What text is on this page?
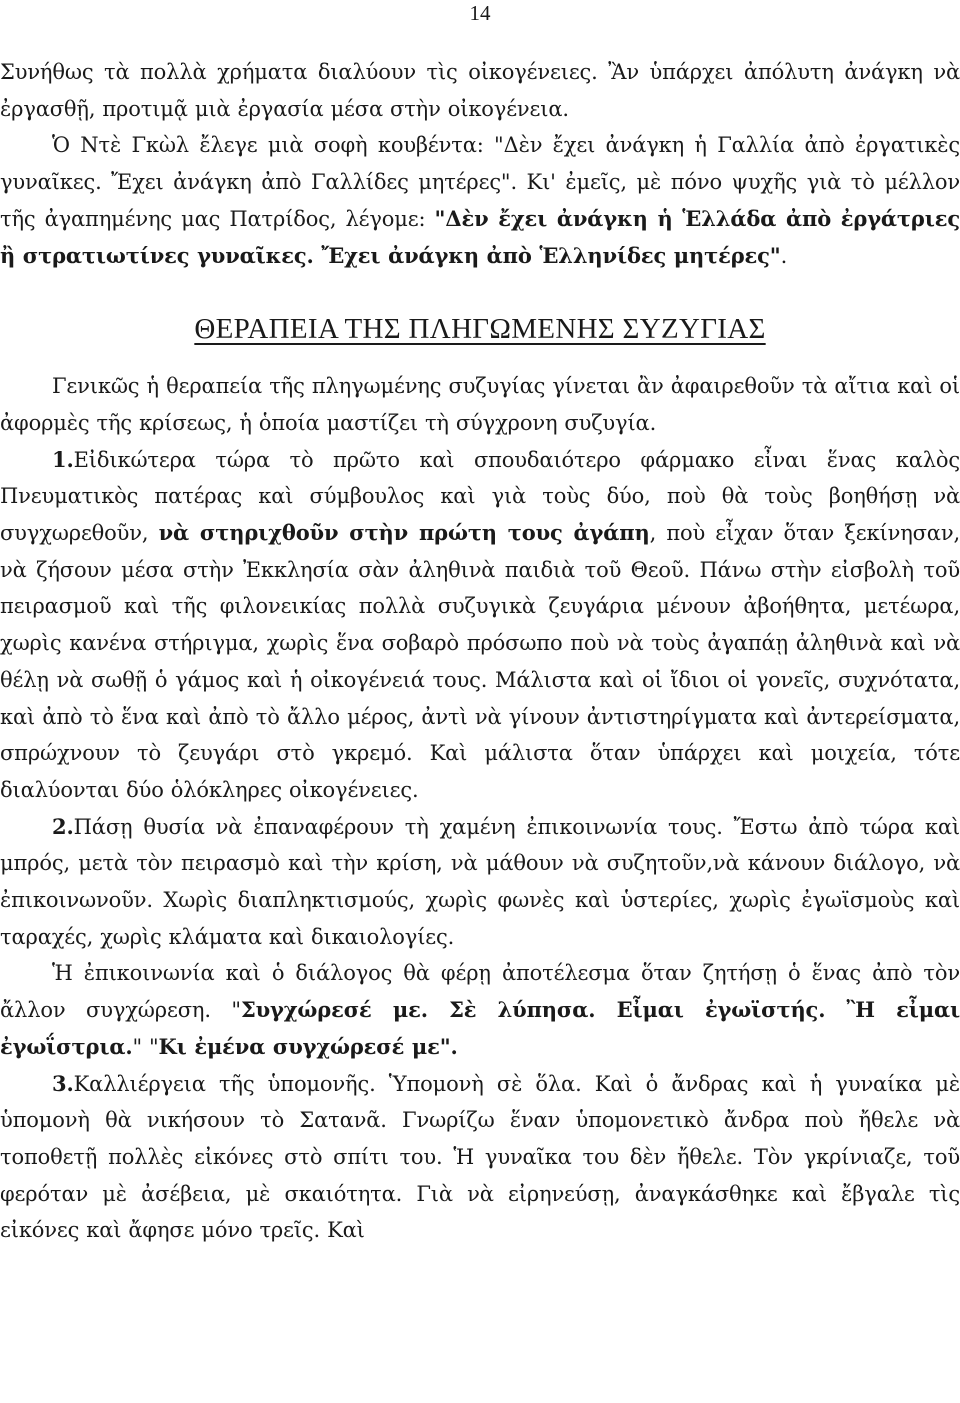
14

Συνήθως τὰ πολλὰ χρήματα διαλύουν τὶς οἰκογένειες. Ἂν ὑπάρχει ἀπόλυτη ἀνάγκη νὰ ἐργασθῇ, προτιμᾷ μιὰ ἐργασία μέσα στὴν οἰκογένεια.

Ὁ Ντὲ Γκὼλ ἔλεγε μιὰ σοφὴ κουβέντα: "Δὲν ἔχει ἀνάγκη ἡ Γαλλία ἀπὸ ἐργατικὲς γυναῖκες. Ἔχει ἀνάγκη ἀπὸ Γαλλίδες μητέρες". Κι' ἐμεῖς, μὲ πόνο ψυχῆς γιὰ τὸ μέλλον τῆς ἀγαπημένης μας Πατρίδος, λέγομε: "Δὲν ἔχει ἀνάγκη ἡ Ἑλλάδα ἀπὸ ἐργάτριες ἢ στρατιωτίνες γυναῖκες. Ἔχει ἀνάγκη ἀπὸ Ἑλληνίδες μητέρες".

ΘΕΡΑΠΕΙΑ ΤΗΣ ΠΛΗΓΩΜΕΝΗΣ ΣΥΖΥΓΙΑΣ

Γενικῶς ἡ θεραπεία τῆς πληγωμένης συζυγίας γίνεται ἂν ἀφαιρεθοῦν τὰ αἴτια καὶ οἱ ἀφορμὲς τῆς κρίσεως, ἡ ὁποία μαστίζει τὴ σύγχρονη συζυγία.

1.Εἰδικώτερα τώρα τὸ πρῶτο καὶ σπουδαιότερο φάρμακο εἶναι ἕνας καλὸς Πνευματικὸς πατέρας καὶ σύμβουλος καὶ γιὰ τοὺς δύο, ποὺ θὰ τοὺς βοηθήσῃ νὰ συγχωρεθοῦν, νὰ στηριχθοῦν στὴν πρώτη τους ἀγάπη, ποὺ εἶχαν ὅταν ξεκίνησαν, νὰ ζήσουν μέσα στὴν Ἐκκλησία σὰν ἀληθινὰ παιδιὰ τοῦ Θεοῦ. Πάνω στὴν εἰσβολὴ τοῦ πειρασμοῦ καὶ τῆς φιλονεικίας πολλὰ συζυγικὰ ζευγάρια μένουν ἀβοήθητα, μετέωρα, χωρὶς κανένα στήριγμα, χωρὶς ἕνα σοβαρὸ πρόσωπο ποὺ νὰ τοὺς ἀγαπάῃ ἀληθινὰ καὶ νὰ θέλῃ νὰ σωθῇ ὁ γάμος καὶ ἡ οἰκογένειά τους. Μάλιστα καὶ οἱ ἴδιοι οἱ γονεῖς, συχνότατα, καὶ ἀπὸ τὸ ἕνα καὶ ἀπὸ τὸ ἄλλο μέρος, ἀντὶ νὰ γίνουν ἀντιστηρίγματα καὶ ἀντερείσματα, σπρώχνουν τὸ ζευγάρι στὸ γκρεμό. Καὶ μάλιστα ὅταν ὑπάρχει καὶ μοιχεία, τότε διαλύονται δύο ὁλόκληρες οἰκογένειες.

2.Πάσῃ θυσία νὰ ἐπαναφέρουν τὴ χαμένη ἐπικοινωνία τους. Ἔστω ἀπὸ τώρα καὶ μπρός, μετὰ τὸν πειρασμὸ καὶ τὴν κρίση, νὰ μάθουν νὰ συζητοῦν,νὰ κάνουν διάλογο, νὰ ἐπικοινωνοῦν. Χωρὶς διαπληκτισμούς, χωρὶς φωνὲς καὶ ὑστερίες, χωρὶς ἐγωϊσμοὺς καὶ ταραχές, χωρὶς κλάματα καὶ δικαιολογίες.

Ἡ ἐπικοινωνία καὶ ὁ διάλογος θὰ φέρῃ ἀποτέλεσμα ὅταν ζητήσῃ ὁ ἕνας ἀπὸ τὸν ἄλλον συγχώρεση. "Συγχώρεσέ με. Σὲ λύπησα. Εἶμαι ἐγωϊστής. Ἢ εἶμαι ἐγωΐστρια." "Κι ἐμένα συγχώρεσέ με".

3.Καλλιέργεια τῆς ὑπομονῆς. Ὑπομονὴ σὲ ὅλα. Καὶ ὁ ἄνδρας καὶ ἡ γυναίκα μὲ ὑπομονὴ θὰ νικήσουν τὸ Σατανᾶ. Γνωρίζω ἕναν ὑπομονετικὸ ἄνδρα ποὺ ἤθελε νὰ τοποθετῇ πολλὲς εἰκόνες στὸ σπίτι του. Ἡ γυναῖκα του δὲν ἤθελε. Τὸν γκρίνιαζε, τοῦ φερόταν μὲ ἀσέβεια, μὲ σκαιότητα. Γιὰ νὰ εἰρηνεύσῃ, ἀναγκάσθηκε καὶ ἔβγαλε τὶς εἰκόνες καὶ ἄφησε μόνο τρεῖς. Καὶ
